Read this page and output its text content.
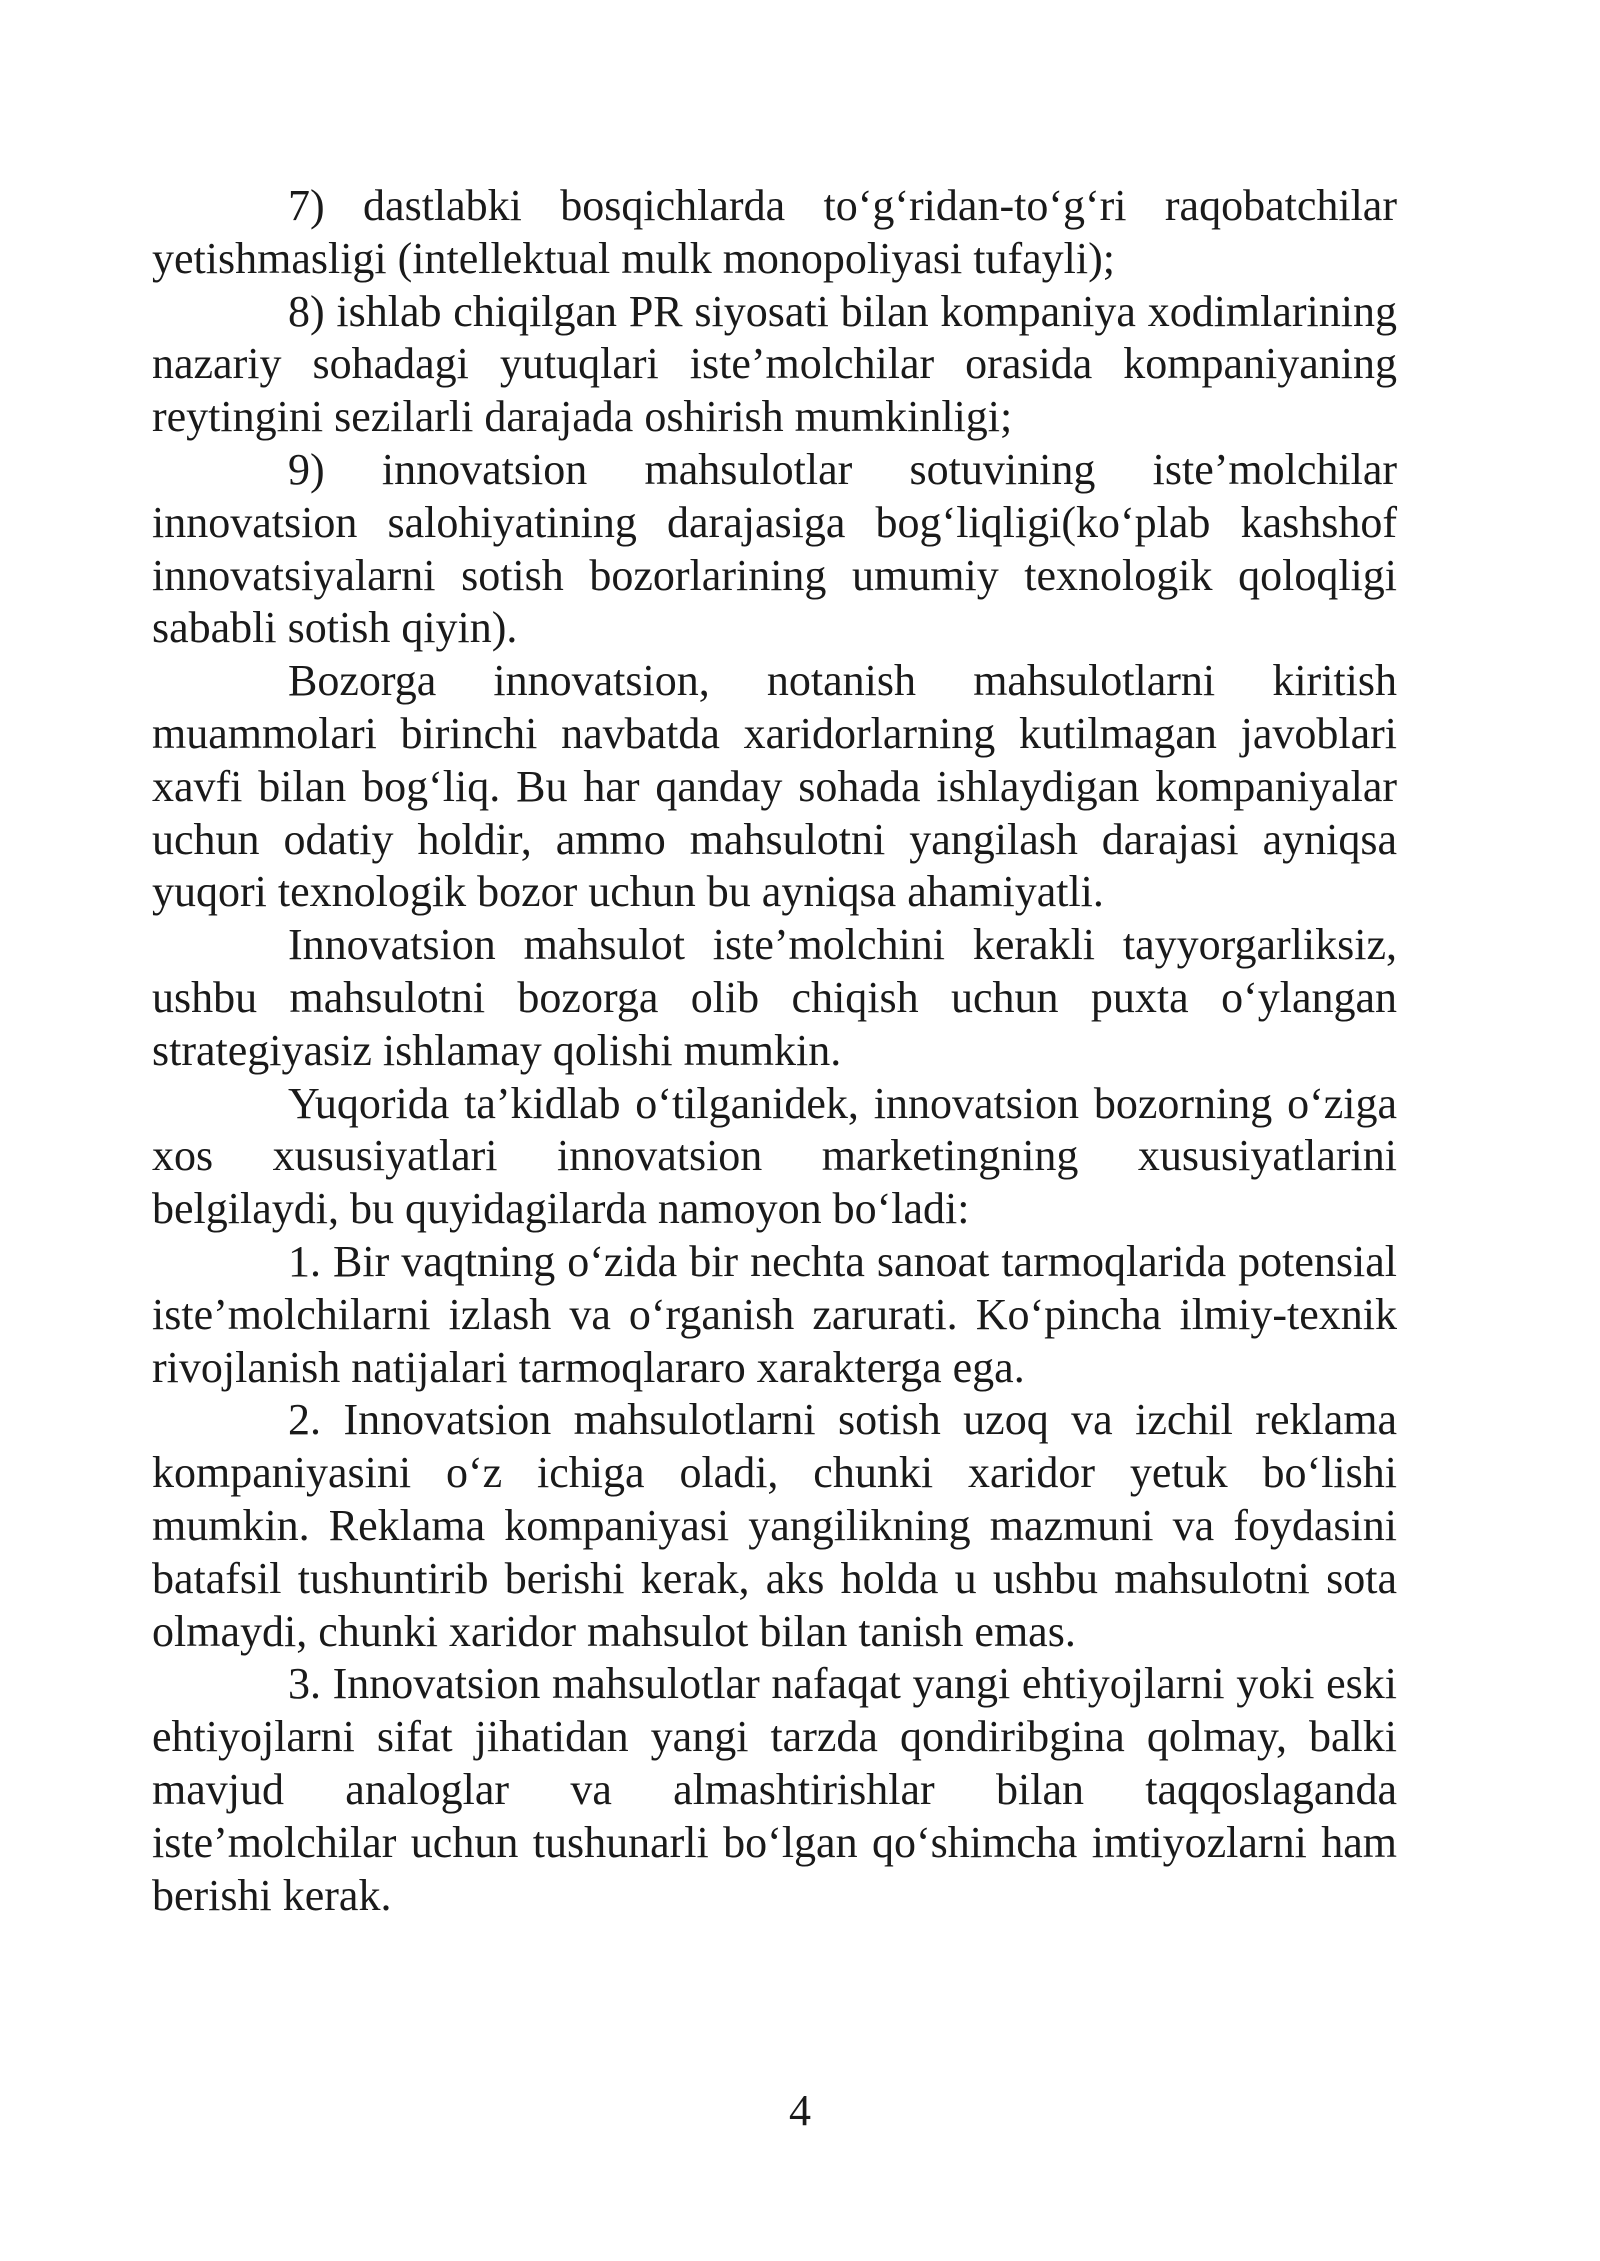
7) dastlabki bosqichlarda to‘g‘ridan-to‘g‘ri raqobatchilar yetishmasligi (intellektual mulk monopoliyasi tufayli);

8) ishlab chiqilgan PR siyosati bilan kompaniya xodimlarining nazariy sohadagi yutuqlari iste’molchilar orasida kompaniyaning reytingini sezilarli darajada oshirish mumkinligi;

9) innovatsion mahsulotlar sotuvining iste’molchilar innovatsion salohiyatining darajasiga bog‘liqligi(ko‘plab kashshof innovatsiyalarni sotish bozorlarining umumiy texnologik qoloqligi sababli sotish qiyin).

Bozorga innovatsion, notanish mahsulotlarni kiritish muammolari birinchi navbatda xaridorlarning kutilmagan javoblari xavfi bilan bog‘liq. Bu har qanday sohada ishlaydigan kompaniyalar uchun odatiy holdir, ammo mahsulotni yangilash darajasi ayniqsa yuqori texnologik bozor uchun bu ayniqsa ahamiyatli.

Innovatsion mahsulot iste’molchini kerakli tayyorgarliksiz, ushbu mahsulotni bozorga olib chiqish uchun puxta o‘ylangan strategiyasiz ishlamay qolishi mumkin.

Yuqorida ta’kidlab o‘tilganidek, innovatsion bozorning o‘ziga xos xususiyatlari innovatsion marketingning xususiyatlarini belgilaydi, bu quyidagilarda namoyon bo‘ladi:

1. Bir vaqtning o‘zida bir nechta sanoat tarmoqlarida potensial iste’molchilarni izlash va o‘rganish zarurati. Ko‘pincha ilmiy-texnik rivojlanish natijalari tarmoqlararo xarakterga ega.

2. Innovatsion mahsulotlarni sotish uzoq va izchil reklama kompaniyasini o‘z ichiga oladi, chunki xaridor yetuk bo‘lishi mumkin. Reklama kompaniyasi yangilikning mazmuni va foydasini batafsil tushuntirib berishi kerak, aks holda u ushbu mahsulotni sota olmaydi, chunki xaridor mahsulot bilan tanish emas.

3. Innovatsion mahsulotlar nafaqat yangi ehtiyojlarni yoki eski ehtiyojlarni sifat jihatidan yangi tarzda qondiribgina qolmay, balki mavjud analoglar va almashtirishlar bilan taqqoslaganda iste’molchilar uchun tushunarli bo‘lgan qo‘shimcha imtiyozlarni ham berishi kerak.

4
